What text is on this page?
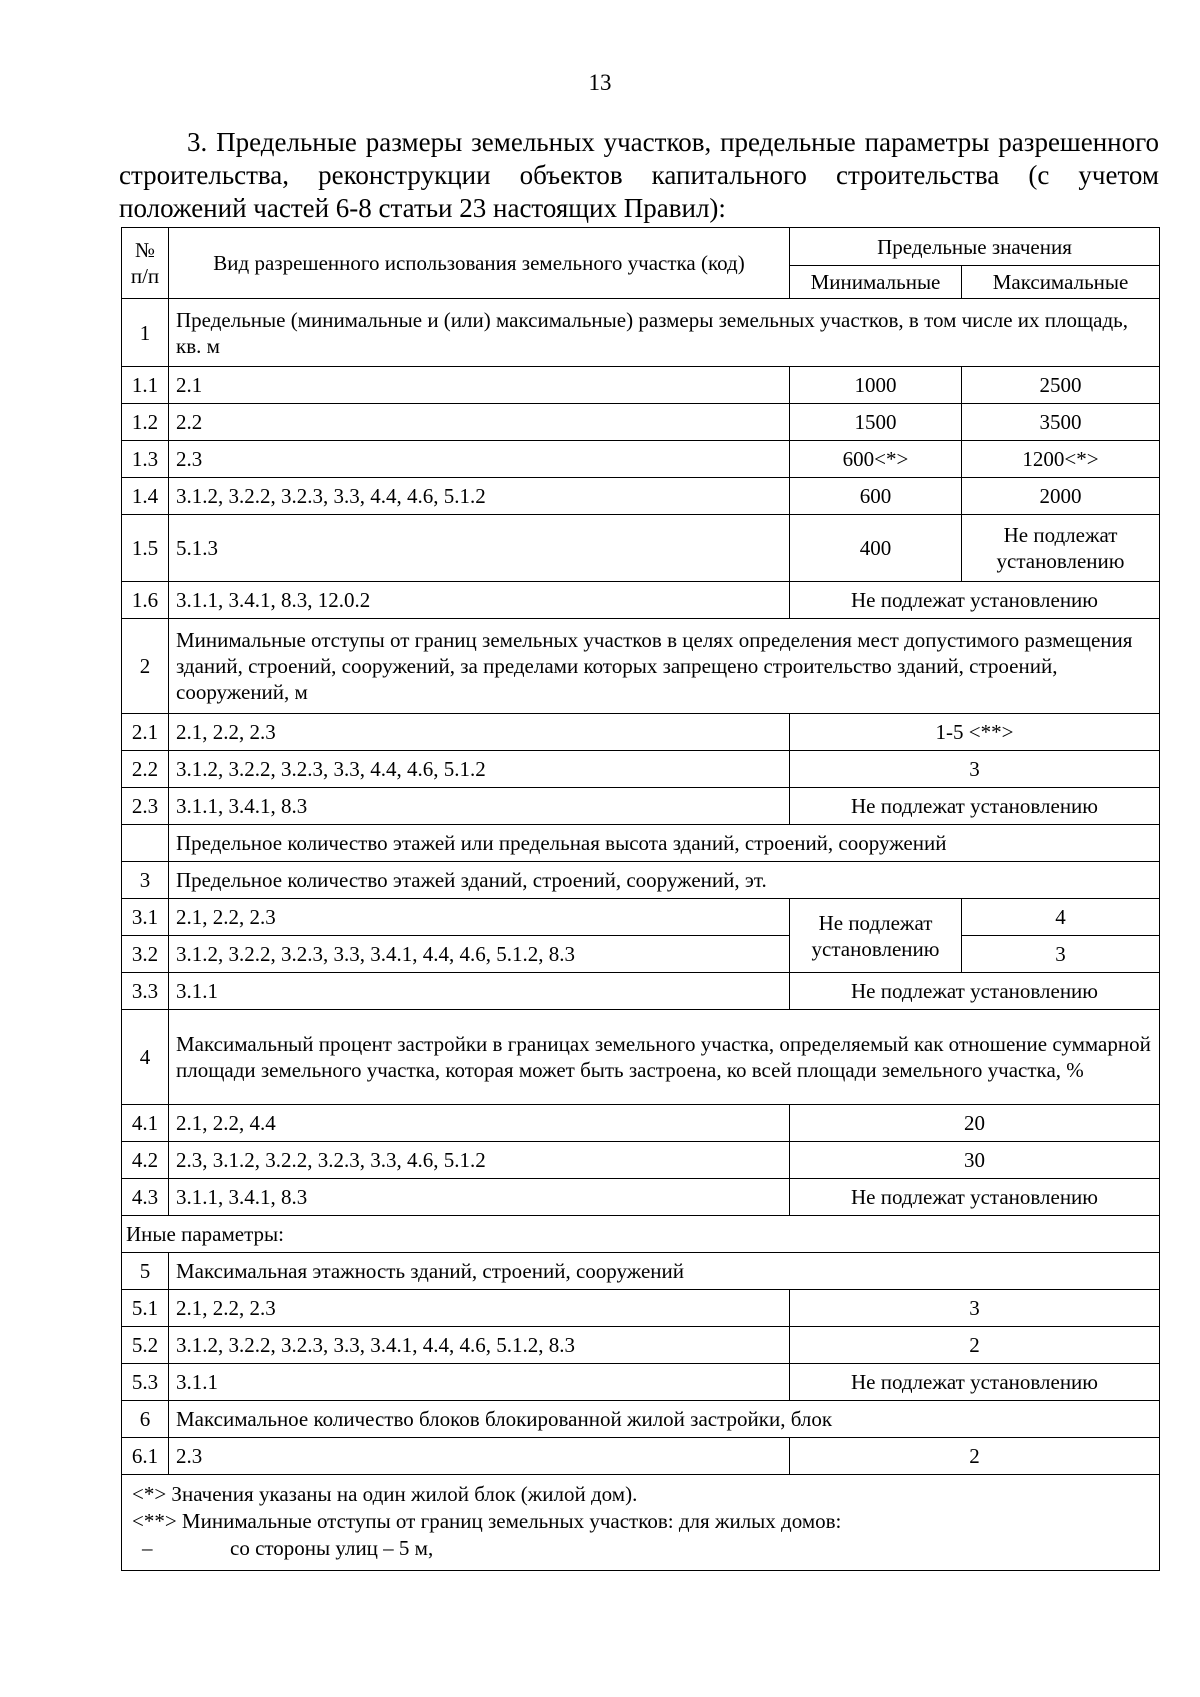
13
3. Предельные размеры земельных участков, предельные параметры разрешенного строительства, реконструкции объектов капитального строительства (с учетом положений частей 6-8 статьи 23 настоящих Правил):
№ п/п	Вид разрешенного использования земельного участка (код)	Предельные значения	
		Минимальные	Максимальные
1	Предельные (минимальные и (или) максимальные) размеры земельных участков, в том числе их площадь, кв. м		
1.1	2.1	1000	2500
1.2	2.2	1500	3500
1.3	2.3	600<*>	1200<*>
1.4	3.1.2, 3.2.2, 3.2.3, 3.3, 4.4, 4.6, 5.1.2	600	2000
1.5	5.1.3	400	Не подлежат установлению
1.6	3.1.1, 3.4.1, 8.3, 12.0.2	Не подлежат установлению	
2	Минимальные отступы от границ земельных участков в целях определения мест допустимого размещения зданий, строений, сооружений, за пределами которых запрещено строительство зданий, строений, сооружений, м		
2.1	2.1, 2.2, 2.3	1-5 <**>	
2.2	3.1.2, 3.2.2, 3.2.3, 3.3, 4.4, 4.6, 5.1.2	3	
2.3	3.1.1, 3.4.1, 8.3	Не подлежат установлению	
	Предельное количество этажей или предельная высота зданий, строений, сооружений		
3	Предельное количество этажей зданий, строений, сооружений, эт.		
3.1	2.1, 2.2, 2.3	Не подлежат установлению	4
3.2	3.1.2, 3.2.2, 3.2.3, 3.3, 3.4.1, 4.4, 4.6, 5.1.2, 8.3		3
3.3	3.1.1	Не подлежат установлению	
4	Максимальный процент застройки в границах земельного участка, определяемый как отношение суммарной площади земельного участка, которая может быть застроена, ко всей площади земельного участка, %		
4.1	2.1, 2.2, 4.4	20	
4.2	2.3, 3.1.2, 3.2.2, 3.2.3, 3.3, 4.6, 5.1.2	30	
4.3	3.1.1, 3.4.1, 8.3	Не подлежат установлению	
Иные параметры:			
5	Максимальная этажность зданий, строений, сооружений		
5.1	2.1, 2.2, 2.3	3	
5.2	3.1.2, 3.2.2, 3.2.3, 3.3, 3.4.1, 4.4, 4.6, 5.1.2, 8.3	2	
5.3	3.1.1	Не подлежат установлению	
6	Максимальное количество блоков блокированной жилой застройки, блок		
6.1	2.3	2	

<*> Значения указаны на один жилой блок (жилой дом).
<**> Минимальные отступы от границ земельных участков: для жилых домов:
– со стороны улиц – 5 м,			
